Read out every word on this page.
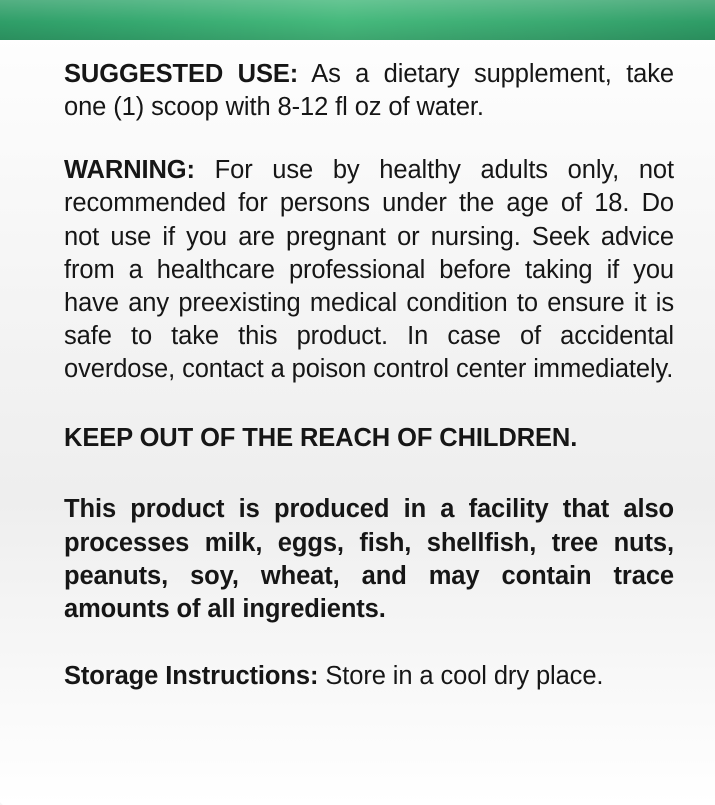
SUGGESTED USE: As a dietary supplement, take one (1) scoop with 8-12 fl oz of water.

WARNING: For use by healthy adults only, not recommended for persons under the age of 18. Do not use if you are pregnant or nursing. Seek advice from a healthcare professional before taking if you have any preexisting medical condition to ensure it is safe to take this product. In case of accidental overdose, contact a poison control center immediately.

KEEP OUT OF THE REACH OF CHILDREN.

This product is produced in a facility that also processes milk, eggs, fish, shellfish, tree nuts, peanuts, soy, wheat, and may contain trace amounts of all ingredients.

Storage Instructions: Store in a cool dry place.
